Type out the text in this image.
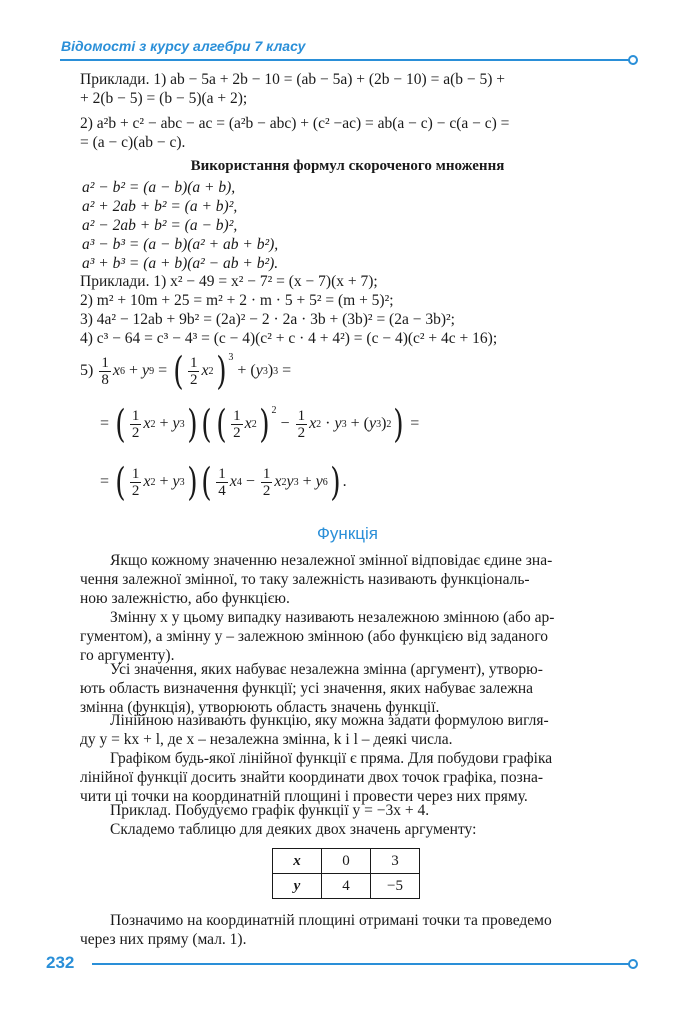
Відомості з курсу алгебри 7 класу
Приклади. 1) ab − 5a + 2b − 10 = (ab − 5a) + (2b − 10) = a(b − 5) +
+ 2(b − 5) = (b − 5)(a + 2);
2) a²b + c² − abc − ac = (a²b − abc) + (c² −ac) = ab(a − c) − c(a − c) =
= (a − c)(ab − c).
Використання формул скороченого множення
a² − b² = (a − b)(a + b),
a² + 2ab + b² = (a + b)²,
a² − 2ab + b² = (a − b)²,
a³ − b³ = (a − b)(a² + ab + b²),
a³ + b³ = (a + b)(a² − ab + b²).
Приклади. 1) x² − 49 = x² − 7² = (x − 7)(x + 7);
2) m² + 10m + 25 = m² + 2 · m · 5 + 5² = (m + 5)²;
3) 4a² − 12ab + 9b² = (2a)² − 2 · 2a · 3b + (3b)² = (2a − 3b)²;
4) c³ − 64 = c³ − 4³ = (c − 4)(c² + c · 4 + 4²) = (c − 4)(c² + 4c + 16);
5)
$\frac{1}{8}$ x 6 + y 9 = ( $\frac{1}{2}$ x 2 )$^3$
+ ( y 3 ) 3 =
= ( $\frac{1}{2}$ x 2 + y 3 ) ( ( $\frac{1}{2}$ x 2 )$^2$
− $\frac{1}{2}$ x 2 · y 3 + ( y 3 ) 2 ) =
= ( $\frac{1}{2}$ x 2 + y 3 ) ( $\frac{1}{4}$ x $4 - \frac{1}{2}$ x 2 y 3 + y 6 ) .
Функція
Якщо кожному значенню незалежної змінної відповідає єдине зна-
чення залежної змінної, то таку залежність називають функціональ-
ною залежністю, або функцією.
Змінну x у цьому випадку називають незалежною змінною (або ар-
гументом), а змінну y – залежною змінною (або функцією від заданого
го аргументу).
Усі значення, яких набуває незалежна змінна (аргумент), утворю-
ють область визначення функції; усі значення, яких набуває залежна
змінна (функція), утворюють область значень функції.
Лінійною називають функцію, яку можна задати формулою вигля-
ду y = kx + l, де x – незалежна змінна, k і l – деякі числа.
Графіком будь-якої лінійної функції є пряма. Для побудови графіка
лінійної функції досить знайти координати двох точок графіка, позна-
чити ці точки на координатній площині і провести через них пряму.
Приклад. Побудуємо графік функції y = −3x + 4.
Складемо таблицю для деяких двох значень аргументу:
x	0	3
y	4	−5
Позначимо на координатній площині отримані точки та проведемо
через них пряму (мал. 1).
232
